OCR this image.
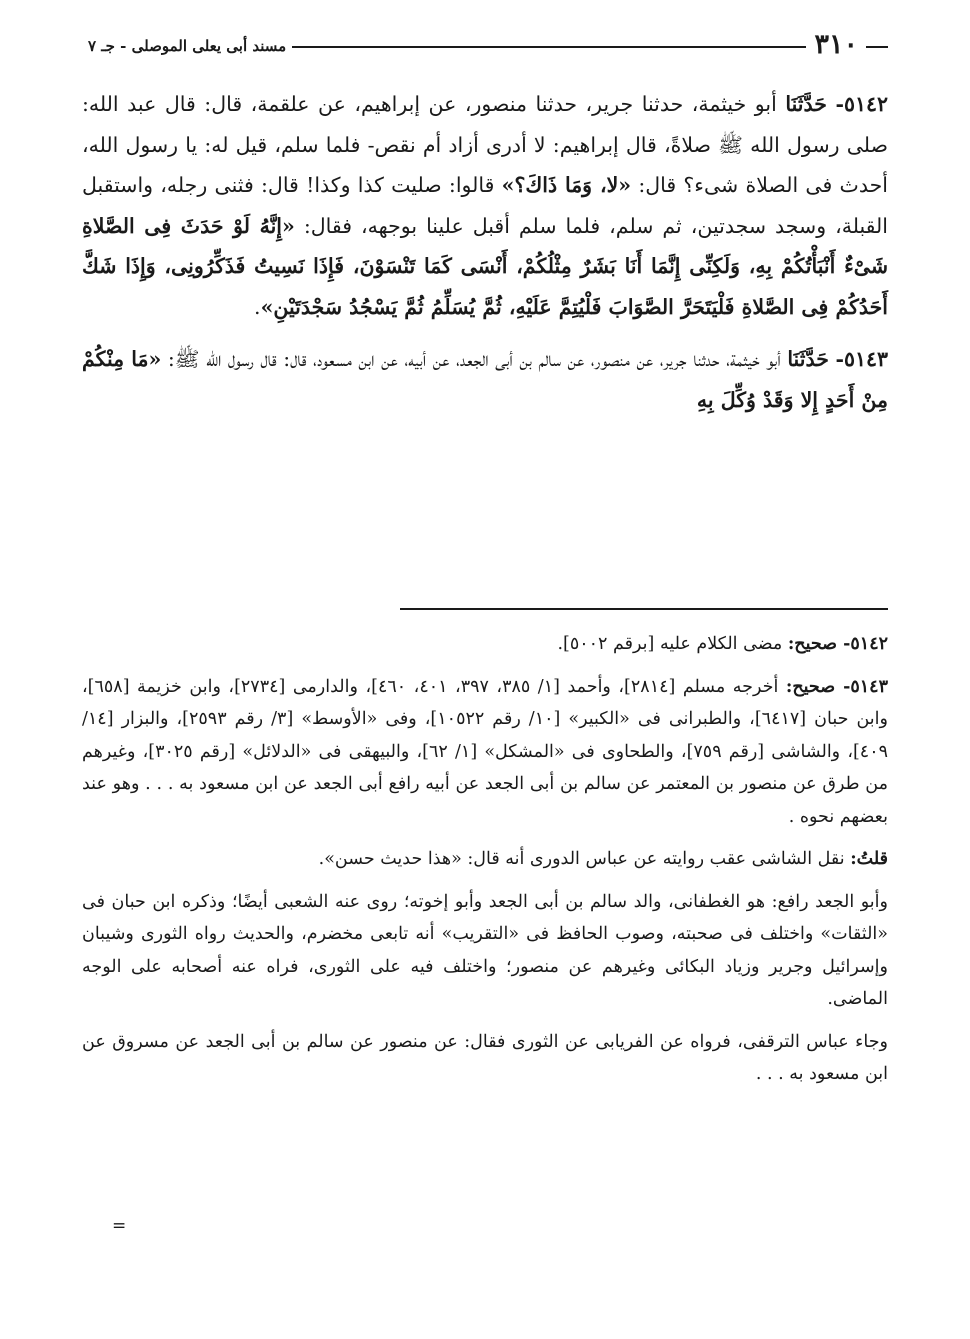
٣١٠
مسند أبى يعلى الموصلى - جـ ٧

٥١٤٢- حَدَّثَنَا أبو خيثمة، حدثنا جرير، حدثنا منصور، عن إبراهيم، عن علقمة، قال: قال عبد الله: صلى رسول الله ﷺ صلاةً، قال إبراهيم: لا أدرى أزاد أم نقص- فلما سلم، قيل له: يا رسول الله، أحدث فى الصلاة شىء؟ قال: «لا، وَمَا ذَاكَ؟» قالوا: صليت كذا وكذا! قال: فثنى رجله، واستقبل القبلة، وسجد سجدتين، ثم سلم، فلما سلم أقبل علينا بوجهه، فقال: «إِنَّهُ لَوْ حَدَثَ فِى الصَّلاةِ شَىْءٌ أَنْبَأْتُكُمْ بِهِ، وَلَكِنِّى إِنَّمَا أَنَا بَشَرٌ مِثْلُكُمْ، أَنْسَى كَمَا تَنْسَوْنَ، فَإِذَا نَسِيتُ فَذَكِّرُونِى، وَإِذَا شَكَّ أَحَدُكُمْ فِى الصَّلاةِ فَلْيَتَحَرَّ الصَّوَابَ فَلْيُتِمَّ عَلَيْهِ، ثُمَّ يُسَلِّمُ ثُمَّ يَسْجُدُ سَجْدَتَيْنِ».

٥١٤٣- حَدَّثَنَا أبو خيثمة، حدثنا جرير، عن منصور، عن سالم بن أبى الجعد، عن أبيه، عن ابن مسعود، قال: قال رسول الله ﷺ: «مَا مِنْكُمْ مِنْ أَحَدٍ إِلا وَقَدْ وُكِّلَ بِهِ

٥١٤٢- صحيح: مضى الكلام عليه [برقم ٥٠٠٢].

٥١٤٣- صحيح: أخرجه مسلم [٢٨١٤]، وأحمد [١/ ٣٨٥، ٣٩٧، ٤٠١، ٤٦٠]، والدارمى [٢٧٣٤]، وابن خزيمة [٦٥٨]، وابن حبان [٦٤١٧]، والطبرانى فى «الكبير» [١٠/ رقم ١٠٥٢٢]، وفى «الأوسط» [٣/ رقم ٢٥٩٣]، والبزار [١٤/ ٤٠٩]، والشاشى [رقم ٧٥٩]، والطحاوى فى «المشكل» [١/ ٦٢]، والبيهقى فى «الدلائل» [رقم ٣٠٢٥]، وغيرهم من طرق عن منصور بن المعتمر عن سالم بن أبى الجعد عن أبيه رافع أبى الجعد عن ابن مسعود به . . . وهو عند بعضهم نحوه .

قلتُ: نقل الشاشى عقب روايته عن عباس الدورى أنه قال: «هذا حديث حسن».

وأبو الجعد رافع: هو الغطفانى، والد سالم بن أبى الجعد وأبو إخوته؛ روى عنه الشعبى أيضًا؛ وذكره ابن حبان فى «الثقات» واختلف فى صحبته، وصوب الحافظ فى «التقريب» أنه تابعى مخضرم، والحديث رواه الثورى وشيبان وإسرائيل وجرير وزياد البكائى وغيرهم عن منصور؛ واختلف فيه على الثورى، فراه عنه أصحابه على الوجه الماضى.

وجاء عباس الترقفى، فرواه عن الفريابى عن الثورى فقال: عن منصور عن سالم بن أبى الجعد عن مسروق عن ابن مسعود به . . .

=
